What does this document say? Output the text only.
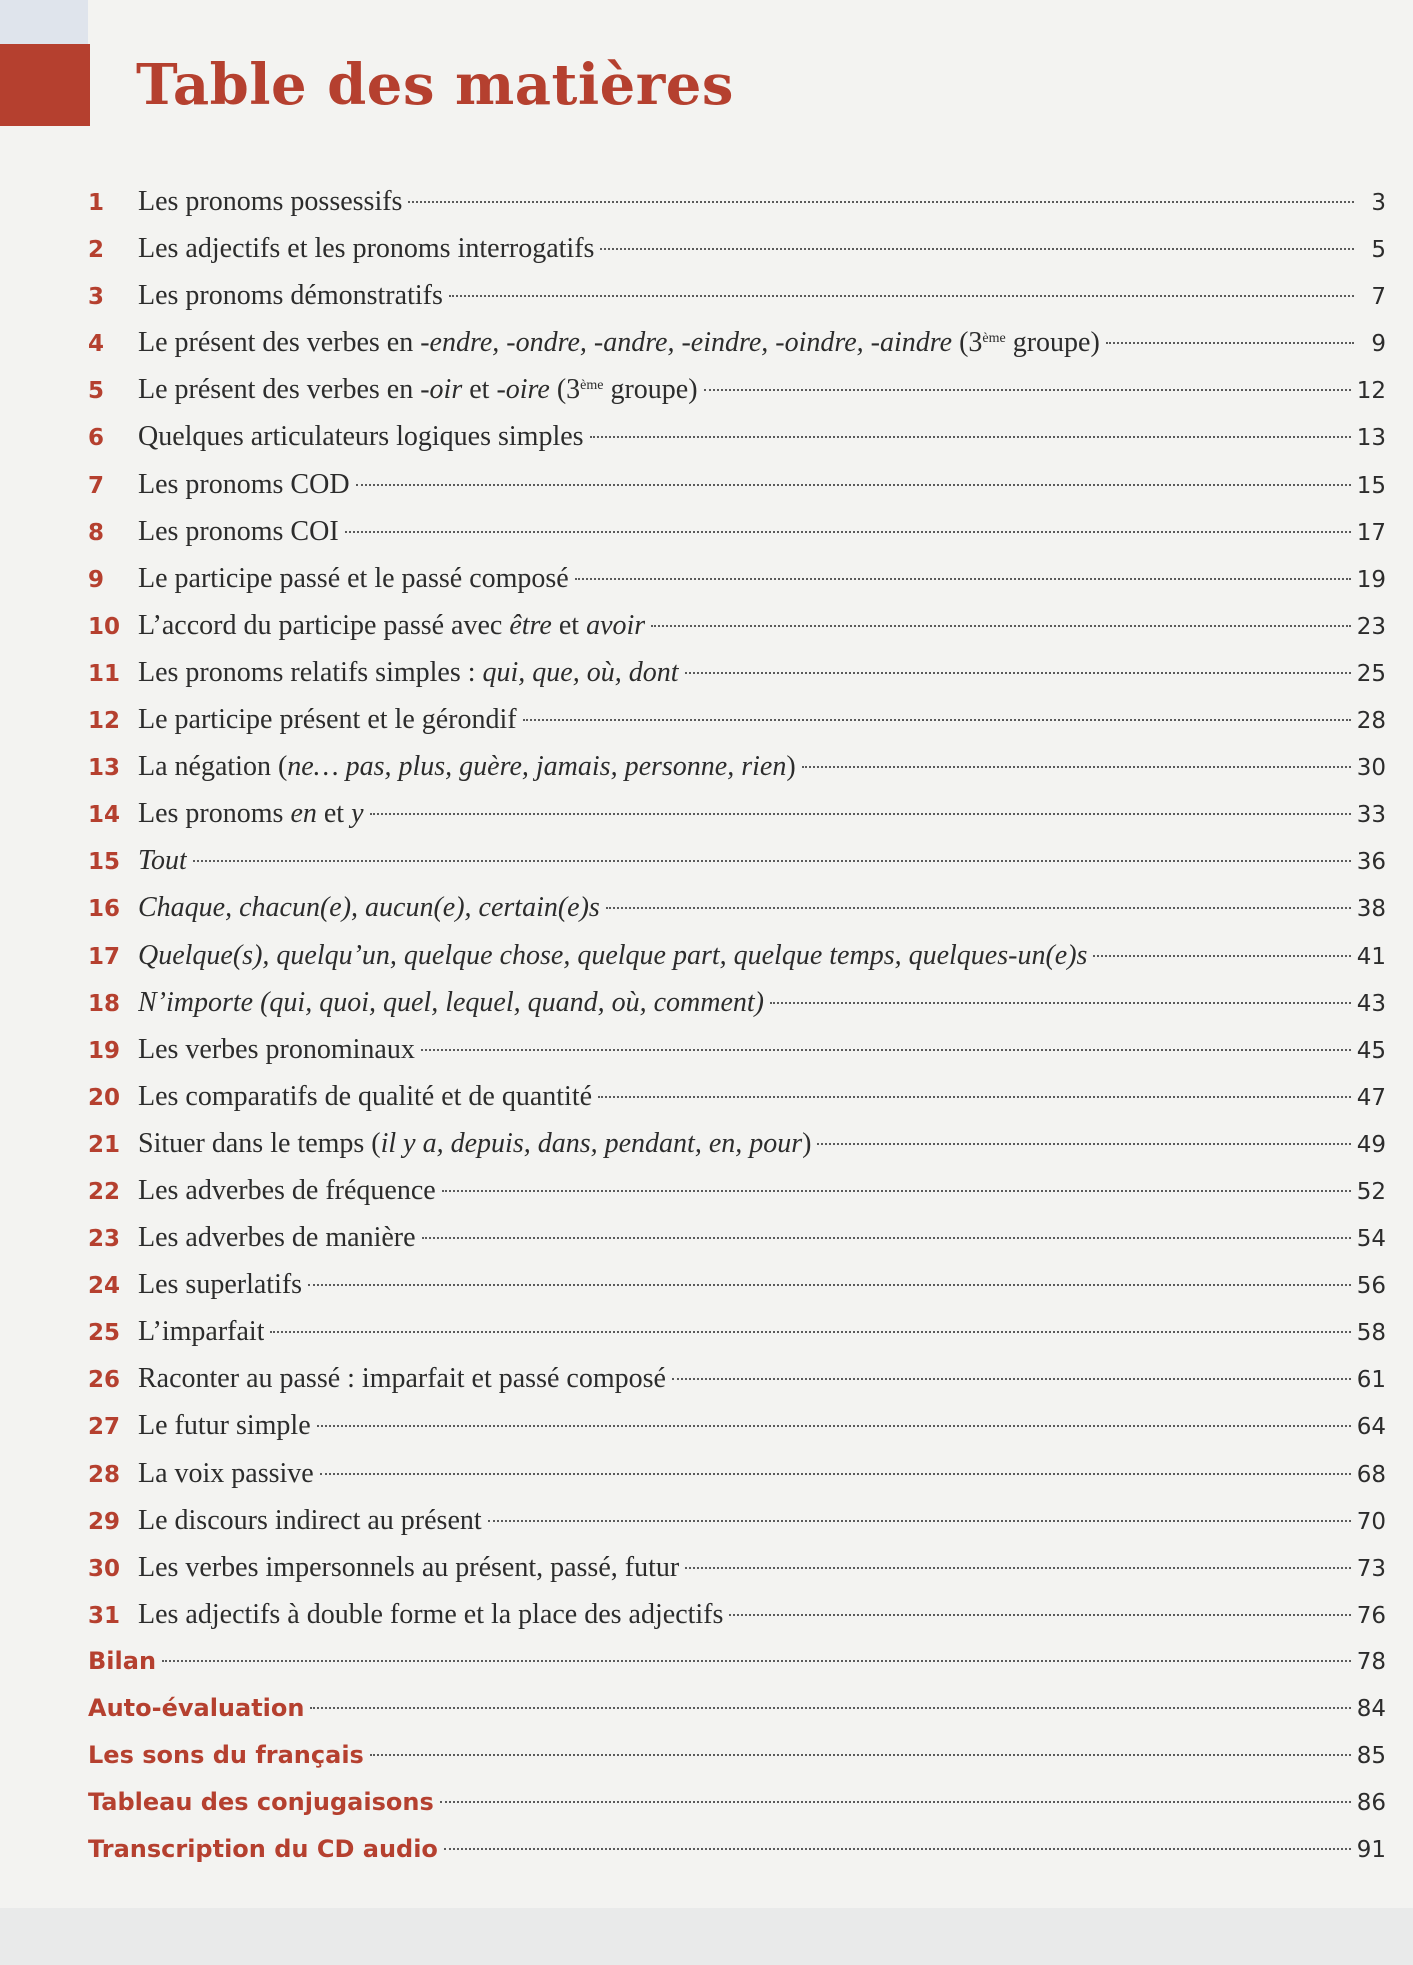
Table des matières
1	Les pronoms possessifs	3
2	Les adjectifs et les pronoms interrogatifs	5
3	Les pronoms démonstratifs	7
4	Le présent des verbes en -endre, -ondre, -andre, -eindre, -oindre, -aindre (3ème groupe)	9
5	Le présent des verbes en -oir et -oire (3ème groupe)	12
6	Quelques articulateurs logiques simples	13
7	Les pronoms COD	15
8	Les pronoms COI	17
9	Le participe passé et le passé composé	19
10 L’accord du participe passé avec être et avoir	23
11 Les pronoms relatifs simples : qui, que, où, dont	25
12 Le participe présent et le gérondif	28
13 La négation (ne… pas, plus, guère, jamais, personne, rien)	30
14 Les pronoms en et y	33
15 Tout	36
16 Chaque, chacun(e), aucun(e), certain(e)s	38
17 Quelque(s), quelqu’un, quelque chose, quelque part, quelque temps, quelques-un(e)s	41
18 N’importe (qui, quoi, quel, lequel, quand, où, comment)	43
19 Les verbes pronominaux	45
20 Les comparatifs de qualité et de quantité	47
21 Situer dans le temps (il y a, depuis, dans, pendant, en, pour)	49
22 Les adverbes de fréquence	52
23 Les adverbes de manière	54
24 Les superlatifs	56
25 L’imparfait	58
26 Raconter au passé : imparfait et passé composé	61
27 Le futur simple	64
28 La voix passive	68
29 Le discours indirect au présent	70
30 Les verbes impersonnels au présent, passé, futur	73
31 Les adjectifs à double forme et la place des adjectifs	76
Bilan	78
Auto-évaluation	84
Les sons du français	85
Tableau des conjugaisons	86
Transcription du CD audio	91
